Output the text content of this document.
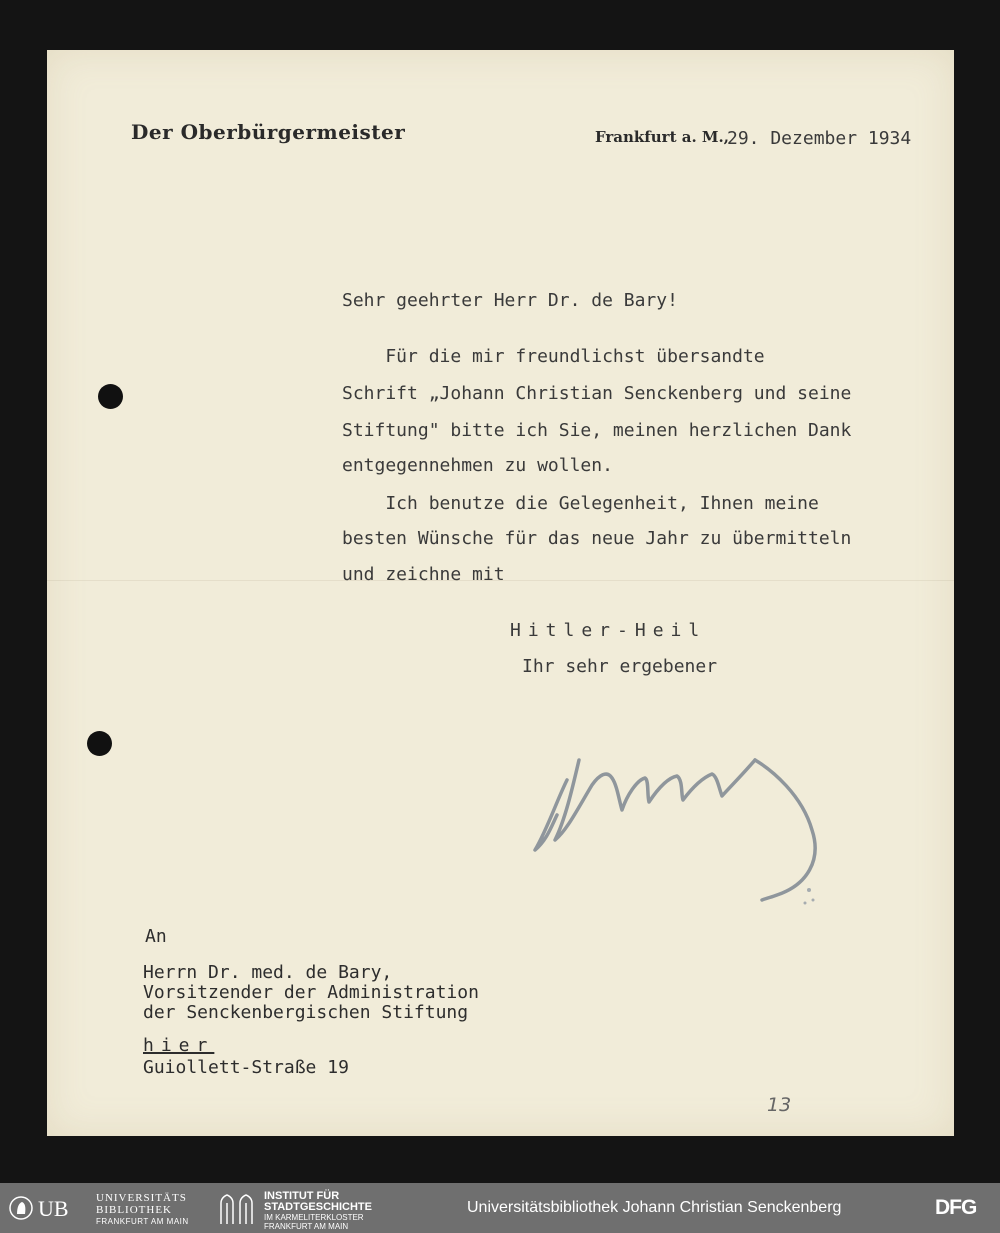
Der Oberbürgermeister	Frankfurt a. M.,
29. Dezember 1934
Sehr geehrter Herr Dr. de Bary!
Für die mir freundlichst übersandte
Schrift „Johann Christian Senckenberg und seine
Stiftung" bitte ich Sie, meinen herzlichen Dank
entgegennehmen zu wollen.
Ich benutze die Gelegenheit, Ihnen meine
besten Wünsche für das neue Jahr zu übermitteln
und zeichne mit
Hitler-Heil
Ihr sehr ergebener
An
Herrn Dr. med. de Bary,
Vorsitzender der Administration
der Senckenbergischen Stiftung
hier
Guiollett-Straße 19
13
UB UNIVERSITÄTS
BIBLIOTHEK
FRANKFURT AM MAIN
INSTITUT FÜR
STADTGESCHICHTE
IM KARMELITERKLOSTER
FRANKFURT AM MAIN
Universitätsbibliothek Johann Christian Senckenberg	DFG
